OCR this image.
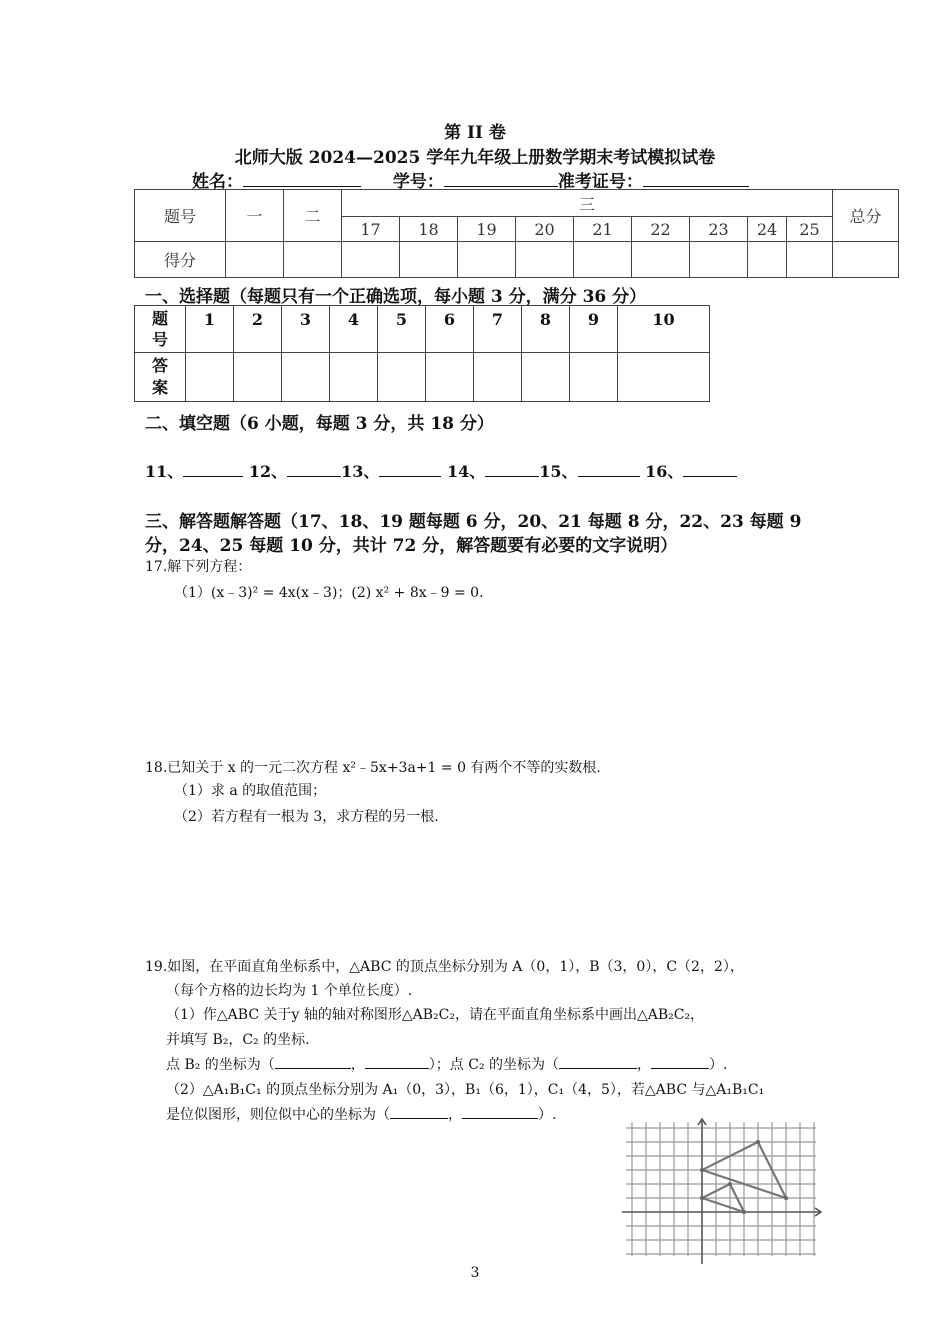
第 II 卷
北师大版 2024—2025 学年九年级上册数学期末考试模拟试卷
姓名：	学号：	准考证号：
题号	一	二	三									总分
			17	18	19	20	21	22	23	24	25	
得分												
一、选择题（每题只有一个正确选项，每小题 3 分，满分 36 分）
题
号	1	2	3	4	5	6	7	8	9	10
答
案										
二、填空题（6 小题，每题 3 分，共 18 分）
11、	12、	13、	14、	15、	16、
三、解答题解答题（17、18、19 题每题 6 分，20、21 每题 8 分，22、23 每题 9
分，24、25 每题 10 分，共计 72 分，解答题要有必要的文字说明）
17.解下列方程：
（1）(x﹣3)² = 4x(x﹣3)；(2) x² + 8x﹣9 = 0.
18.已知关于 x 的一元二次方程 x²﹣5x+3a+1 = 0 有两个不等的实数根.
（1）求 a 的取值范围；
（2）若方程有一根为 3，求方程的另一根.
19.如图，在平面直角坐标系中，△ABC 的顶点坐标分别为 A（0，1），B（3，0），C（2，2），
（每个方格的边长均为 1 个单位长度）.
（1）作△ABC 关于y 轴的轴对称图形△AB₂C₂，请在平面直角坐标系中画出△AB₂C₂，
并填写 B₂，C₂ 的坐标.
点 B₂ 的坐标为（	，	）；点 C₂ 的坐标为（	，	）.
（2）△A₁B₁C₁ 的顶点坐标分别为 A₁（0，3），B₁（6，1），C₁（4，5），若△ABC 与△A₁B₁C₁
是位似图形，则位似中心的坐标为（	，	）.
3
